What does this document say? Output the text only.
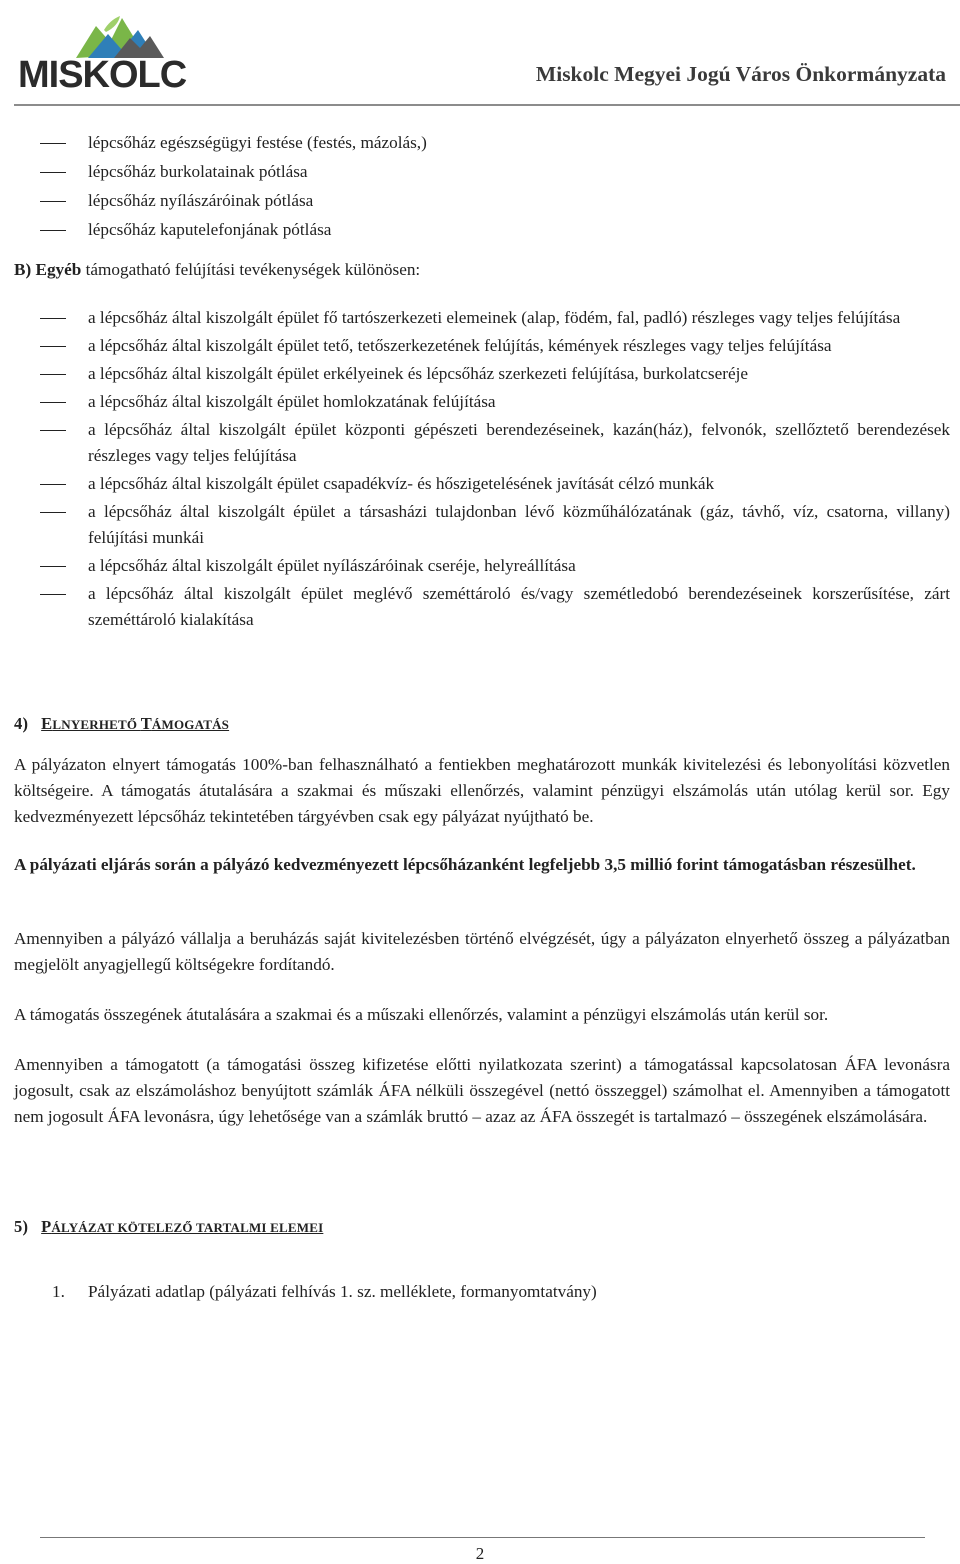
MISKOLC	Miskolc Megyei Jogú Város Önkormányzata
lépcsőház egészségügyi festése (festés, mázolás,)
lépcsőház burkolatainak pótlása
lépcsőház nyílászáróinak pótlása
lépcsőház kaputelefonjának pótlása

B) Egyéb támogatható felújítási tevékenységek különösen:

a lépcsőház által kiszolgált épület fő tartószerkezeti elemeinek (alap, födém, fal, padló) részleges vagy teljes felújítása
a lépcsőház által kiszolgált épület tető, tetőszerkezetének felújítás, kémények részleges vagy teljes felújítása
a lépcsőház által kiszolgált épület erkélyeinek és lépcsőház szerkezeti felújítása, burkolatcseréje
a lépcsőház által kiszolgált épület homlokzatának felújítása
a lépcsőház által kiszolgált épület központi gépészeti berendezéseinek, kazán(ház), felvonók, szellőztető berendezések részleges vagy teljes felújítása
a lépcsőház által kiszolgált épület csapadékvíz- és hőszigetelésének javítását célzó munkák
a lépcsőház által kiszolgált épület a társasházi tulajdonban lévő közműhálózatának (gáz, távhő, víz, csatorna, villany) felújítási munkái
a lépcsőház által kiszolgált épület nyílászáróinak cseréje, helyreállítása
a lépcsőház által kiszolgált épület meglévő szeméttároló és/vagy szemétledobó berendezéseinek korszerűsítése, zárt szeméttároló kialakítása

4) ELNYERHETŐ TÁMOGATÁS

A pályázaton elnyert támogatás 100%-ban felhasználható a fentiekben meghatározott munkák kivitelezési és lebonyolítási közvetlen költségeire. A támogatás átutalására a szakmai és műszaki ellenőrzés, valamint pénzügyi elszámolás után utólag kerül sor. Egy kedvezményezett lépcsőház tekintetében tárgyévben csak egy pályázat nyújtható be.

A pályázati eljárás során a pályázó kedvezményezett lépcsőházanként legfeljebb 3,5 millió forint támogatásban részesülhet.

Amennyiben a pályázó vállalja a beruházás saját kivitelezésben történő elvégzését, úgy a pályázaton elnyerhető összeg a pályázatban megjelölt anyagjellegű költségekre fordítandó.

A támogatás összegének átutalására a szakmai és a műszaki ellenőrzés, valamint a pénzügyi elszámolás után kerül sor.

Amennyiben a támogatott (a támogatási összeg kifizetése előtti nyilatkozata szerint) a támogatással kapcsolatosan ÁFA levonásra jogosult, csak az elszámoláshoz benyújtott számlák ÁFA nélküli összegével (nettó összeggel) számolhat el. Amennyiben a támogatott nem jogosult ÁFA levonásra, úgy lehetősége van a számlák bruttó – azaz az ÁFA összegét is tartalmazó – összegének elszámolására.

5) PÁLYÁZAT KÖTELEZŐ TARTALMI ELEMEI

1. Pályázati adatlap (pályázati felhívás 1. sz. melléklete, formanyomtatvány)
2
